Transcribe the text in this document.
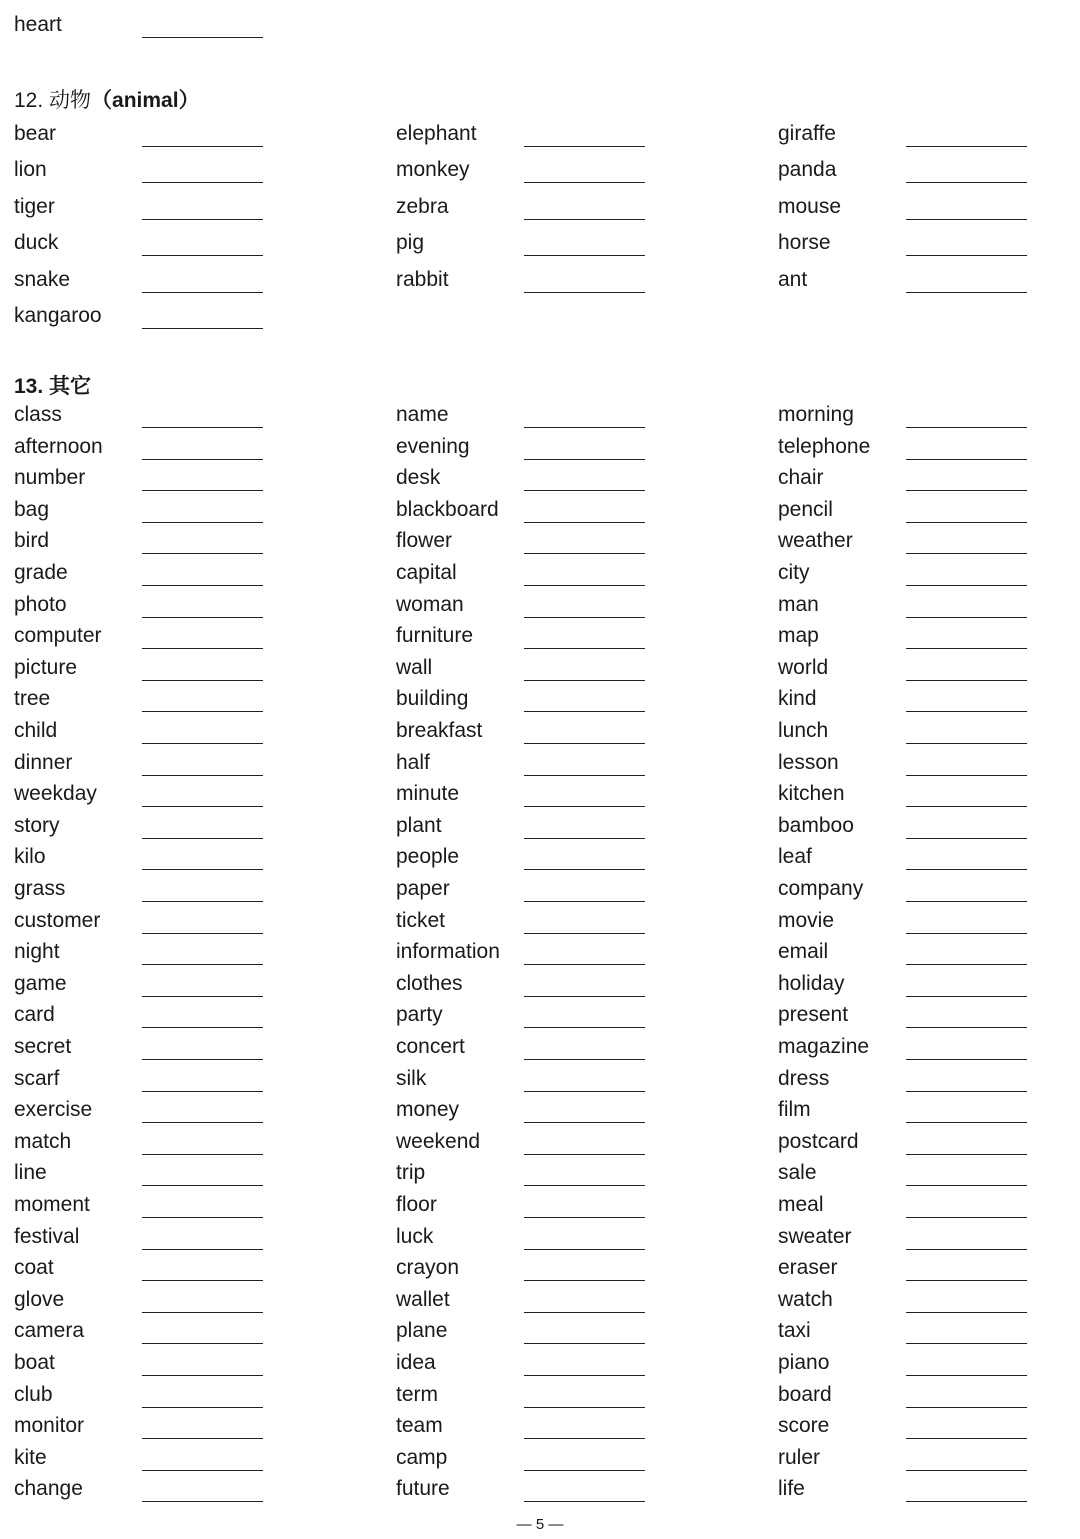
12. 动物（animal）
13. 其它
— 5 —
heart
bear
lion
tiger
duck
snake
kangaroo
elephant
monkey
zebra
pig
rabbit
giraffe
panda
mouse
horse
ant
class
afternoon
number
bag
bird
grade
photo
computer
picture
tree
child
dinner
weekday
story
kilo
grass
customer
night
game
card
secret
scarf
exercise
match
line
moment
festival
coat
glove
camera
boat
club
monitor
kite
change
name
evening
desk
blackboard
flower
capital
woman
furniture
wall
building
breakfast
half
minute
plant
people
paper
ticket
information
clothes
party
concert
silk
money
weekend
trip
floor
luck
crayon
wallet
plane
idea
term
team
camp
future
morning
telephone
chair
pencil
weather
city
man
map
world
kind
lunch
lesson
kitchen
bamboo
leaf
company
movie
email
holiday
present
magazine
dress
film
postcard
sale
meal
sweater
eraser
watch
taxi
piano
board
score
ruler
life
